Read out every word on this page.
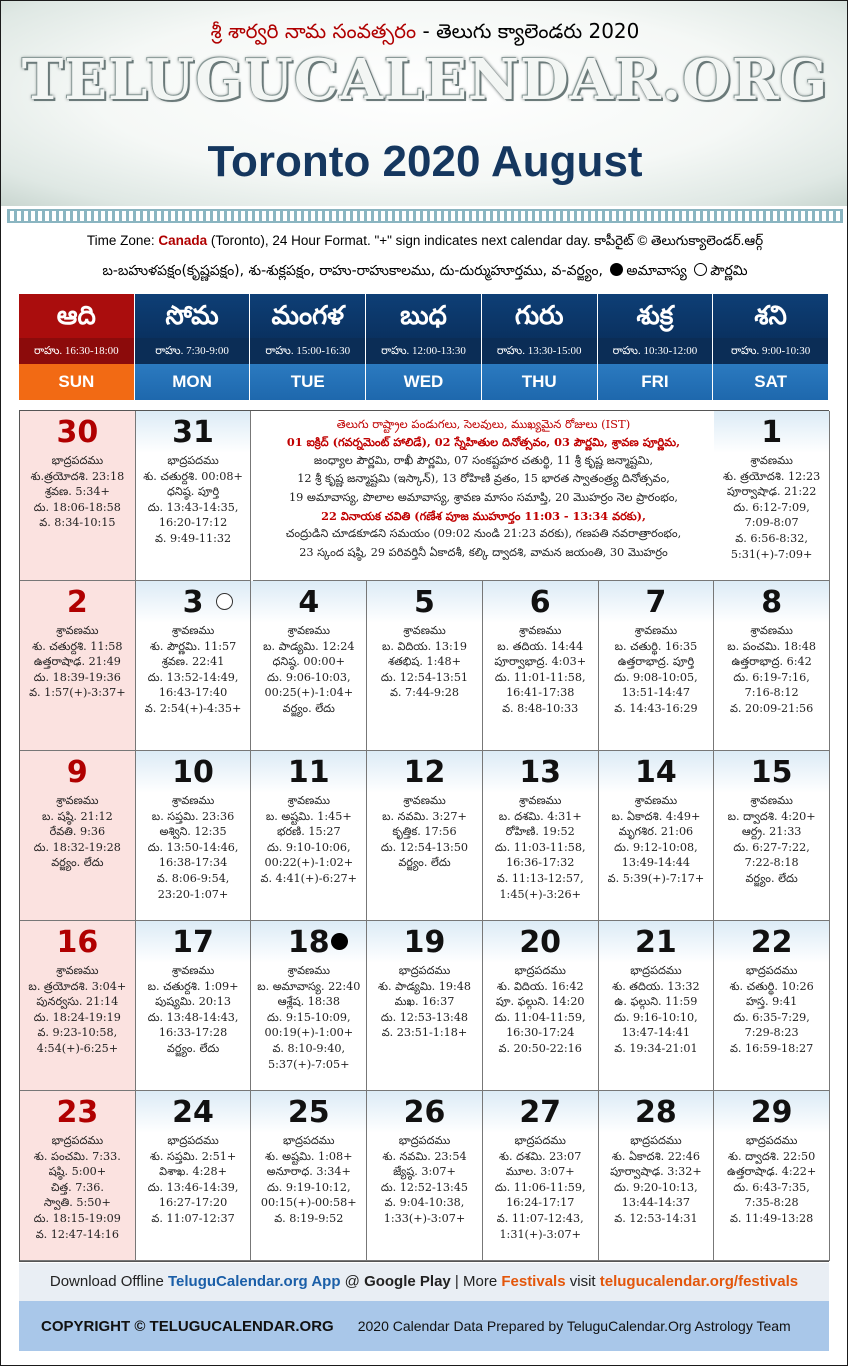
శ్రీ శార్వరి నామ సంవత్సరం - తెలుగు క్యాలెండరు 2020
TELUGUCALENDAR.ORG
Toronto 2020 August
Time Zone: Canada (Toronto), 24 Hour Format. "+" sign indicates next calendar day. కాపీరైట్ © తెలుగుక్యాలెండర్.ఆర్గ్
బ-బహుళపక్షం(కృష్ణపక్షం), శు-శుక్లపక్షం, రాహు-రాహుకాలము, దు-దుర్ముహూర్తము, వ-వర్జ్యం, అమావాస్య పౌర్ణమి
ఆది
రాహు. 16:30-18:00
SUN
సోమ
రాహు. 7:30-9:00
MON
మంగళ
రాహు. 15:00-16:30
TUE
బుధ
రాహు. 12:00-13:30
WED
గురు
రాహు. 13:30-15:00
THU
శుక్ర
రాహు. 10:30-12:00
FRI
శని
రాహు. 9:00-10:30
SAT
తెలుగు రాష్ట్రాల పండుగలు, సెలవులు, ముఖ్యమైన రోజులు (IST)
01 ఐక్రిద్ (గవర్నమెంట్ హాలిడే), 02 స్నేహితుల దినోత్సవం, 03 పౌర్ణమి, శ్రావణ పూర్ణిమ,
జంధ్యాల పౌర్ణమి, రాఖీ పౌర్ణమి, 07 సంకష్టహర చతుర్థి, 11 శ్రీ కృష్ణ జన్మాష్టమి,
12 శ్రీ కృష్ణ జన్మాష్టమి (ఇస్కాన్), 13 రోహిణి వ్రతం, 15 భారత స్వాతంత్ర్య దినోత్సవం,
19 అమావాస్య, పొలాల అమావాస్య, శ్రావణ మాసం సమాప్తి, 20 మొహర్రం నెల ప్రారంభం,
22 వినాయక చవితి (గణేశ పూజ ముహూర్తం 11:03 - 13:34 వరకు),
చంద్రుడిని చూడకూడని సమయం (09:02 నుండి 21:23 వరకు), గణపతి నవరాత్రారంభం,
23 స్కంద షష్ఠి, 29 పరివర్తినీ ఏకాదశీ, కల్కి ద్వాదశి, వామన జయంతి, 30 మొహర్రం
30
భాద్రపదము
శు.త్రయోదశి. 23:18
శ్రవణ. 5:34+
దు. 18:06-18:58
వ. 8:34-10:15
31
భాద్రపదము
శు. చతుర్దశి. 00:08+
ధనిష్ఠ. పూర్తి
దు. 13:43-14:35,
16:20-17:12
వ. 9:49-11:32
1
శ్రావణము
శు. త్రయోదశి. 12:23
పూర్వాషాఢ. 21:22
దు. 6:12-7:09,
7:09-8:07
వ. 6:56-8:32,
5:31(+)-7:09+
2
శ్రావణము
శు. చతుర్దశి. 11:58
ఉత్తరాషాఢ. 21:49
దు. 18:39-19:36
వ. 1:57(+)-3:37+
3
శ్రావణము
శు. పౌర్ణమి. 11:57
శ్రవణ. 22:41
దు. 13:52-14:49,
16:43-17:40
వ. 2:54(+)-4:35+
4
శ్రావణము
బ. పాడ్యమి. 12:24
ధనిష్ఠ. 00:00+
దు. 9:06-10:03,
00:25(+)-1:04+
వర్జ్యం. లేదు
5
శ్రావణము
బ. విదియ. 13:19
శతభిష. 1:48+
దు. 12:54-13:51
వ. 7:44-9:28
6
శ్రావణము
బ. తదియ. 14:44
పూర్వాభాద్ర. 4:03+
దు. 11:01-11:58,
16:41-17:38
వ. 8:48-10:33
7
శ్రావణము
బ. చతుర్థి. 16:35
ఉత్తరాభాద్ర. పూర్తి
దు. 9:08-10:05,
13:51-14:47
వ. 14:43-16:29
8
శ్రావణము
బ. పంచమి. 18:48
ఉత్తరాభాద్ర. 6:42
దు. 6:19-7:16,
7:16-8:12
వ. 20:09-21:56
9
శ్రావణము
బ. షష్ఠి. 21:12
రేవతి. 9:36
దు. 18:32-19:28
వర్జ్యం. లేదు
10
శ్రావణము
బ. సప్తమి. 23:36
అశ్విని. 12:35
దు. 13:50-14:46,
16:38-17:34
వ. 8:06-9:54,
23:20-1:07+
11
శ్రావణము
బ. అష్టమి. 1:45+
భరణి. 15:27
దు. 9:10-10:06,
00:22(+)-1:02+
వ. 4:41(+)-6:27+
12
శ్రావణము
బ. నవమి. 3:27+
కృత్తిక. 17:56
దు. 12:54-13:50
వర్జ్యం. లేదు
13
శ్రావణము
బ. దశమి. 4:31+
రోహిణి. 19:52
దు. 11:03-11:58,
16:36-17:32
వ. 11:13-12:57,
1:45(+)-3:26+
14
శ్రావణము
బ. ఏకాదశి. 4:49+
మృగశిర. 21:06
దు. 9:12-10:08,
13:49-14:44
వ. 5:39(+)-7:17+
15
శ్రావణము
బ. ద్వాదశి. 4:20+
ఆర్ద్ర. 21:33
దు. 6:27-7:22,
7:22-8:18
వర్జ్యం. లేదు
16
శ్రావణము
బ. త్రయోదశి. 3:04+
పునర్వసు. 21:14
దు. 18:24-19:19
వ. 9:23-10:58,
4:54(+)-6:25+
17
శ్రావణము
బ. చతుర్దశి. 1:09+
పుష్యమి. 20:13
దు. 13:48-14:43,
16:33-17:28
వర్జ్యం. లేదు
18
శ్రావణము
బ. అమావాస్య. 22:40
ఆశ్లేష. 18:38
దు. 9:15-10:09,
00:19(+)-1:00+
వ. 8:10-9:40,
5:37(+)-7:05+
19
భాద్రపదము
శు. పాడ్యమి. 19:48
మఖ. 16:37
దు. 12:53-13:48
వ. 23:51-1:18+
20
భాద్రపదము
శు. విదియ. 16:42
పూ. ఫల్గుని. 14:20
దు. 11:04-11:59,
16:30-17:24
వ. 20:50-22:16
21
భాద్రపదము
శు. తదియ. 13:32
ఉ. ఫల్గుని. 11:59
దు. 9:16-10:10,
13:47-14:41
వ. 19:34-21:01
22
భాద్రపదము
శు. చతుర్థి. 10:26
హస్త. 9:41
దు. 6:35-7:29,
7:29-8:23
వ. 16:59-18:27
23
భాద్రపదము
శు. పంచమి. 7:33.
షష్ఠి. 5:00+
చిత్త. 7:36.
స్వాతి. 5:50+
దు. 18:15-19:09
వ. 12:47-14:16
24
భాద్రపదము
శు. సప్తమి. 2:51+
విశాఖ. 4:28+
దు. 13:46-14:39,
16:27-17:20
వ. 11:07-12:37
25
భాద్రపదము
శు. అష్టమి. 1:08+
అనూరాధ. 3:34+
దు. 9:19-10:12,
00:15(+)-00:58+
వ. 8:19-9:52
26
భాద్రపదము
శు. నవమి. 23:54
జ్యేష్ఠ. 3:07+
దు. 12:52-13:45
వ. 9:04-10:38,
1:33(+)-3:07+
27
భాద్రపదము
శు. దశమి. 23:07
మూల. 3:07+
దు. 11:06-11:59,
16:24-17:17
వ. 11:07-12:43,
1:31(+)-3:07+
28
భాద్రపదము
శు. ఏకాదశి. 22:46
పూర్వాషాఢ. 3:32+
దు. 9:20-10:13,
13:44-14:37
వ. 12:53-14:31
29
భాద్రపదము
శు. ద్వాదశి. 22:50
ఉత్తరాషాఢ. 4:22+
దు. 6:43-7:35,
7:35-8:28
వ. 11:49-13:28
Download Offline TeluguCalendar.org App @ Google Play | More Festivals visit telugucalendar.org/festivals
COPYRIGHT © TELUGUCALENDAR.ORG 2020 Calendar Data Prepared by TeluguCalendar.Org Astrology Team
